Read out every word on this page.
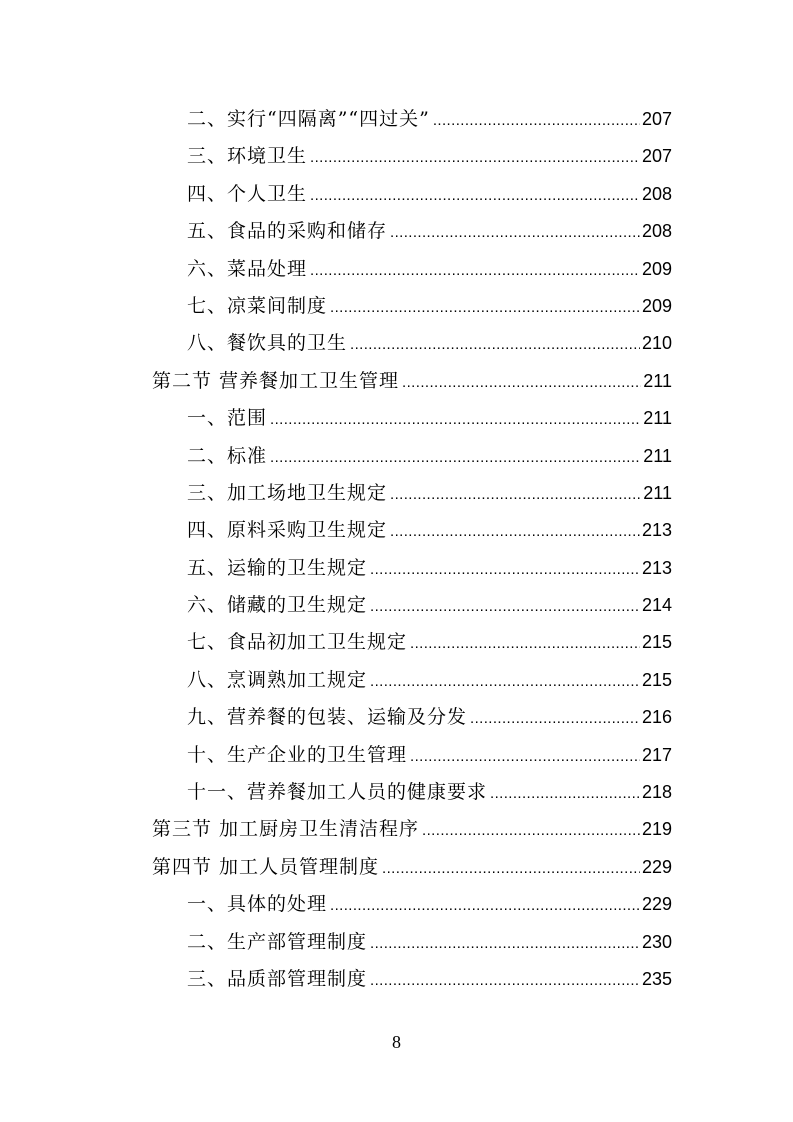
二、实行“四隔离”“四过关” .....	207
三、环境卫生 .....	207
四、个人卫生 .....	208
五、食品的采购和储存 .....	208
六、菜品处理 .....	209
七、凉菜间制度 .....	209
八、餐饮具的卫生 .....	210
第二节 营养餐加工卫生管理 .....	211
一、范围 .....	211
二、标准 .....	211
三、加工场地卫生规定 .....	211
四、原料采购卫生规定 .....	213
五、运输的卫生规定 .....	213
六、储藏的卫生规定 .....	214
七、食品初加工卫生规定 .....	215
八、烹调熟加工规定 .....	215
九、营养餐的包装、运输及分发 .....	216
十、生产企业的卫生管理 .....	217
十一、营养餐加工人员的健康要求 .....	218
第三节 加工厨房卫生清洁程序 .....	219
第四节 加工人员管理制度 .....	229
一、具体的处理 .....	229
二、生产部管理制度 .....	230
三、品质部管理制度 .....	235
8
